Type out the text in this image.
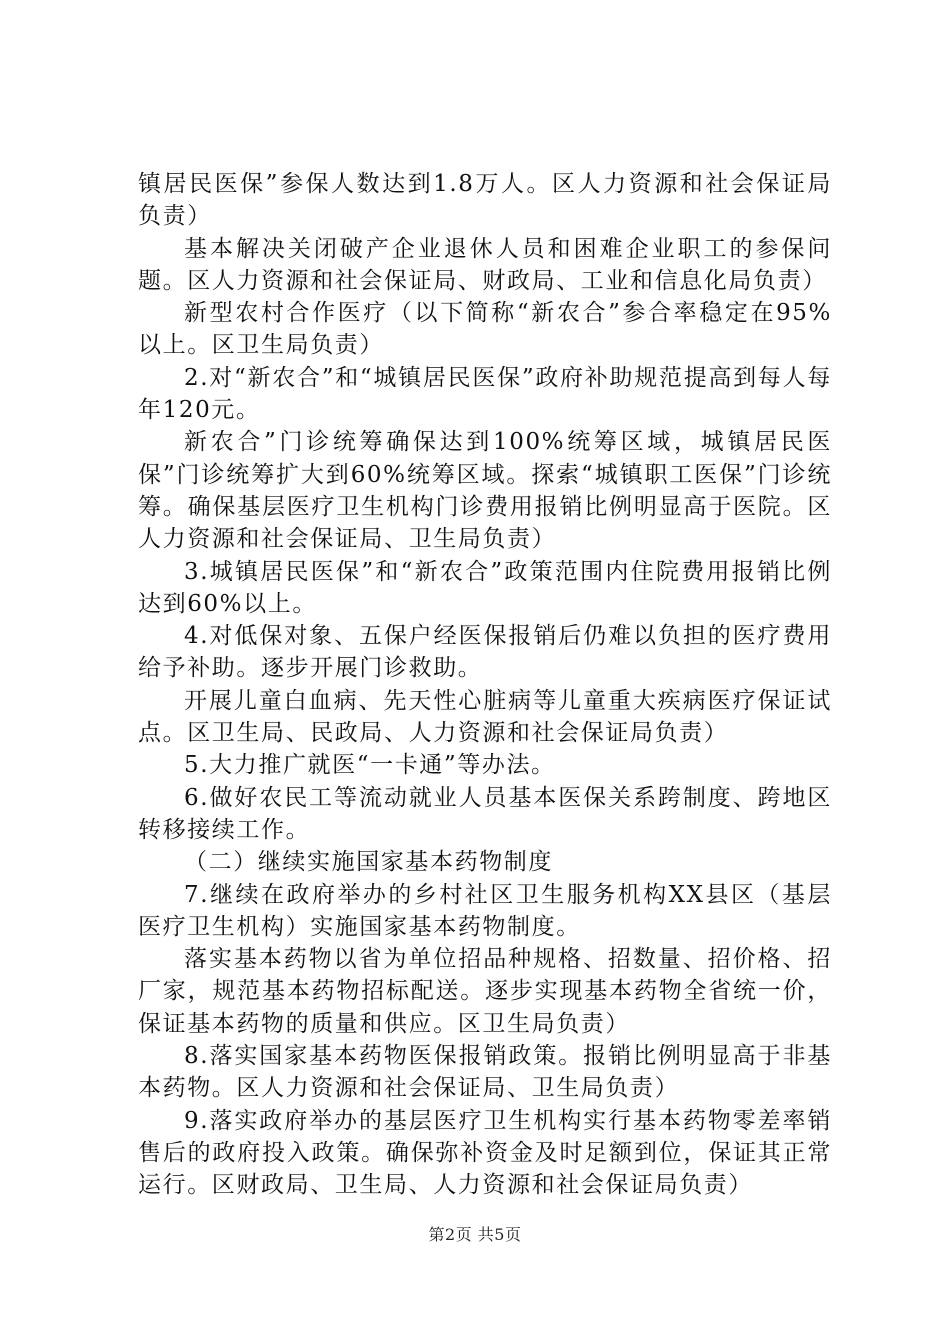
镇居民医保”参保人数达到1.8万人。区人力资源和社会保证局负责）

基本解决关闭破产企业退休人员和困难企业职工的参保问题。区人力资源和社会保证局、财政局、工业和信息化局负责）

新型农村合作医疗（以下简称“新农合”参合率稳定在95%以上。区卫生局负责）

2.对“新农合”和“城镇居民医保”政府补助规范提高到每人每年120元。

新农合”门诊统筹确保达到100%统筹区域，城镇居民医保”门诊统筹扩大到60%统筹区域。探索“城镇职工医保”门诊统筹。确保基层医疗卫生机构门诊费用报销比例明显高于医院。区人力资源和社会保证局、卫生局负责）

3.城镇居民医保”和“新农合”政策范围内住院费用报销比例达到60%以上。

4.对低保对象、五保户经医保报销后仍难以负担的医疗费用给予补助。逐步开展门诊救助。

开展儿童白血病、先天性心脏病等儿童重大疾病医疗保证试点。区卫生局、民政局、人力资源和社会保证局负责）

5.大力推广就医“一卡通”等办法。

6.做好农民工等流动就业人员基本医保关系跨制度、跨地区转移接续工作。

（二）继续实施国家基本药物制度

7.继续在政府举办的乡村社区卫生服务机构XX县区（基层医疗卫生机构）实施国家基本药物制度。

落实基本药物以省为单位招品种规格、招数量、招价格、招厂家，规范基本药物招标配送。逐步实现基本药物全省统一价，保证基本药物的质量和供应。区卫生局负责）

8.落实国家基本药物医保报销政策。报销比例明显高于非基本药物。区人力资源和社会保证局、卫生局负责）

9.落实政府举办的基层医疗卫生机构实行基本药物零差率销售后的政府投入政策。确保弥补资金及时足额到位，保证其正常运行。区财政局、卫生局、人力资源和社会保证局负责）

第2页 共5页
